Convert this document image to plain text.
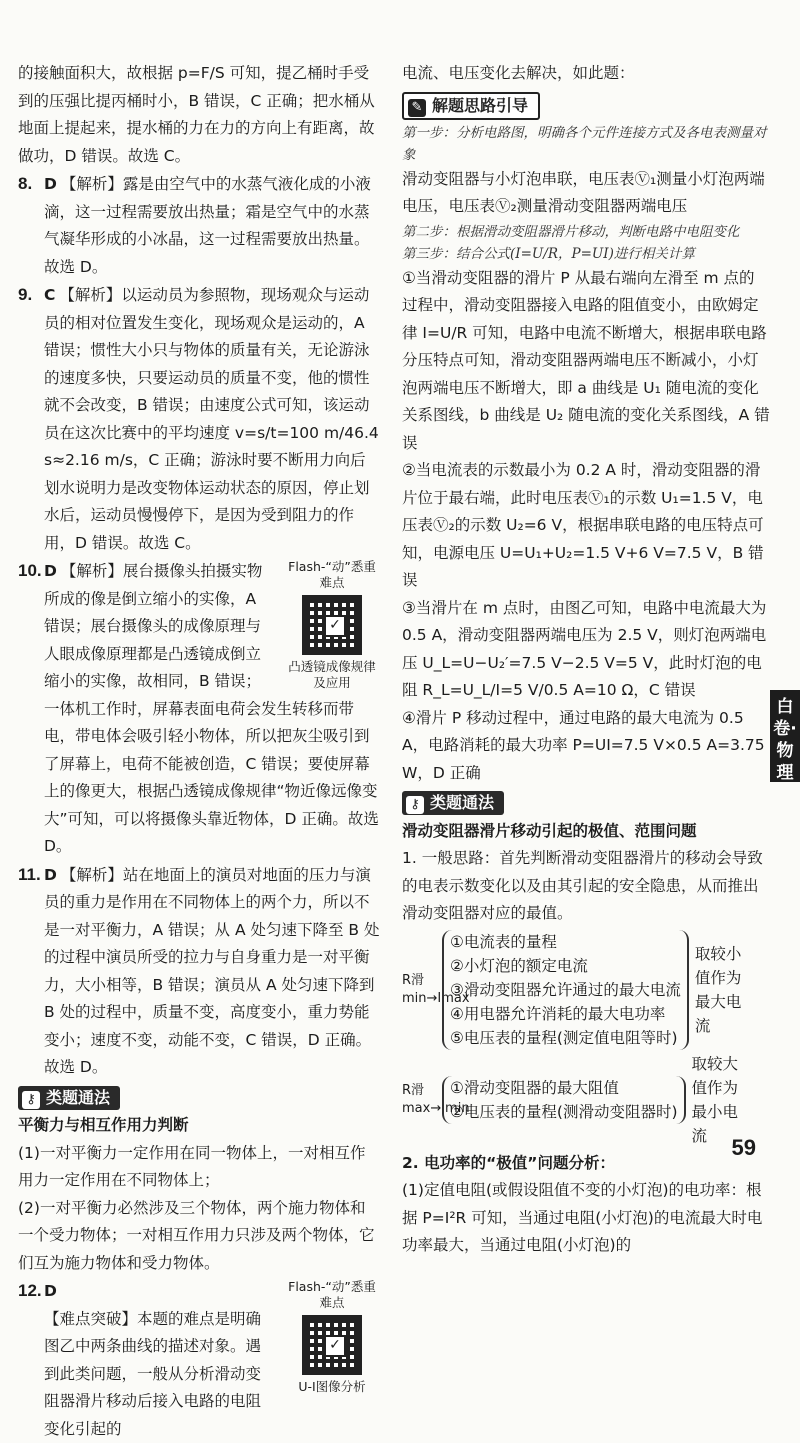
的接触面积大，故根据 p=F/S 可知，提乙桶时手受到的压强比提丙桶时小，B 错误，C 正确；把水桶从地面上提起来，提水桶的力在力的方向上有距离，故做功，D 错误。故选 C。

8. D 【解析】露是由空气中的水蒸气液化成的小液滴，这一过程需要放出热量；霜是空气中的水蒸气凝华形成的小冰晶，这一过程需要放出热量。故选 D。

9. C 【解析】以运动员为参照物，现场观众与运动员的相对位置发生变化，现场观众是运动的，A 错误；惯性大小只与物体的质量有关，无论游泳的速度多快，只要运动员的质量不变，他的惯性就不会改变，B 错误；由速度公式可知，该运动员在这次比赛中的平均速度 v=s/t=100 m/46.4 s≈2.16 m/s，C 正确；游泳时要不断用力向后划水说明力是改变物体运动状态的原因，停止划水后，运动员慢慢停下，是因为受到阻力的作用，D 错误。故选 C。

Flash-“动”悉重难点
✓
凸透镜成像规律及应用
10. D 【解析】展台摄像头拍摄实物所成的像是倒立缩小的实像，A 错误；展台摄像头的成像原理与人眼成像原理都是凸透镜成倒立缩小的实像，故相同，B 错误；一体机工作时，屏幕表面电荷会发生转移而带电，带电体会吸引轻小物体，所以把灰尘吸引到了屏幕上，电荷不能被创造，C 错误；要使屏幕上的像更大，根据凸透镜成像规律“物近像远像变大”可知，可以将摄像头靠近物体，D 正确。故选 D。

11. D 【解析】站在地面上的演员对地面的压力与演员的重力是作用在不同物体上的两个力，所以不是一对平衡力，A 错误；从 A 处匀速下降至 B 处的过程中演员所受的拉力与自身重力是一对平衡力，大小相等，B 错误；演员从 A 处匀速下降到 B 处的过程中，质量不变，高度变小，重力势能变小；速度不变，动能不变，C 错误，D 正确。故选 D。

⚷ 类题通法

平衡力与相互作用力判断

(1)一对平衡力一定作用在同一物体上，一对相互作用力一定作用在不同物体上；

(2)一对平衡力必然涉及三个物体，两个施力物体和一个受力物体；一对相互作用力只涉及两个物体，它们互为施力物体和受力物体。

Flash-“动”悉重难点
✓
U-I图像分析
12. D
【难点突破】本题的难点是明确图乙中两条曲线的描述对象。遇到此类问题，一般从分析滑动变阻器滑片移动后接入电路的电阻变化引起的

电流、电压变化去解决，如此题：

✎ 解题思路引导

第一步：分析电路图，明确各个元件连接方式及各电表测量对象

滑动变阻器与小灯泡串联，电压表Ⓥ₁测量小灯泡两端电压，电压表Ⓥ₂测量滑动变阻器两端电压

第二步：根据滑动变阻器滑片移动，判断电路中电阻变化

第三步：结合公式(I=U/R，P=UI)进行相关计算

①当滑动变阻器的滑片 P 从最右端向左滑至 m 点的过程中，滑动变阻器接入电路的阻值变小，由欧姆定律 I=U/R 可知，电路中电流不断增大，根据串联电路分压特点可知，滑动变阻器两端电压不断减小，小灯泡两端电压不断增大，即 a 曲线是 U₁ 随电流的变化关系图线，b 曲线是 U₂ 随电流的变化关系图线，A 错误

②当电流表的示数最小为 0.2 A 时，滑动变阻器的滑片位于最右端，此时电压表Ⓥ₁的示数 U₁=1.5 V，电压表Ⓥ₂的示数 U₂=6 V，根据串联电路的电压特点可知，电源电压 U=U₁+U₂=1.5 V+6 V=7.5 V，B 错误

③当滑片在 m 点时，由图乙可知，电路中电流最大为 0.5 A，滑动变阻器两端电压为 2.5 V，则灯泡两端电压 U_L=U−U₂′=7.5 V−2.5 V=5 V，此时灯泡的电阻 R_L=U_L/I=5 V/0.5 A=10 Ω，C 错误

④滑片 P 移动过程中，通过电路的最大电流为 0.5 A，电路消耗的最大功率 P=UI=7.5 V×0.5 A=3.75 W，D 正确

⚷ 类题通法

滑动变阻器滑片移动引起的极值、范围问题

1. 一般思路：首先判断滑动变阻器滑片的移动会导致的电表示数变化以及由其引起的安全隐患，从而推出滑动变阻器对应的最值。

R滑min→Imax
①电流表的量程
②小灯泡的额定电流
③滑动变阻器允许通过的最大电流
④用电器允许消耗的最大电功率
⑤电压表的量程(测定值电阻等时)
取较小值作为最大电流
R滑max→Imin
①滑动变阻器的最大阻值
②电压表的量程(测滑动变阻器时)
取较大值作为最小电流

2. 电功率的“极值”问题分析：

(1)定值电阻(或假设阻值不变的小灯泡)的电功率：根据 P=I²R 可知，当通过电阻(小灯泡)的电流最大时电功率最大，当通过电阻(小灯泡)的

白卷·物理
59
